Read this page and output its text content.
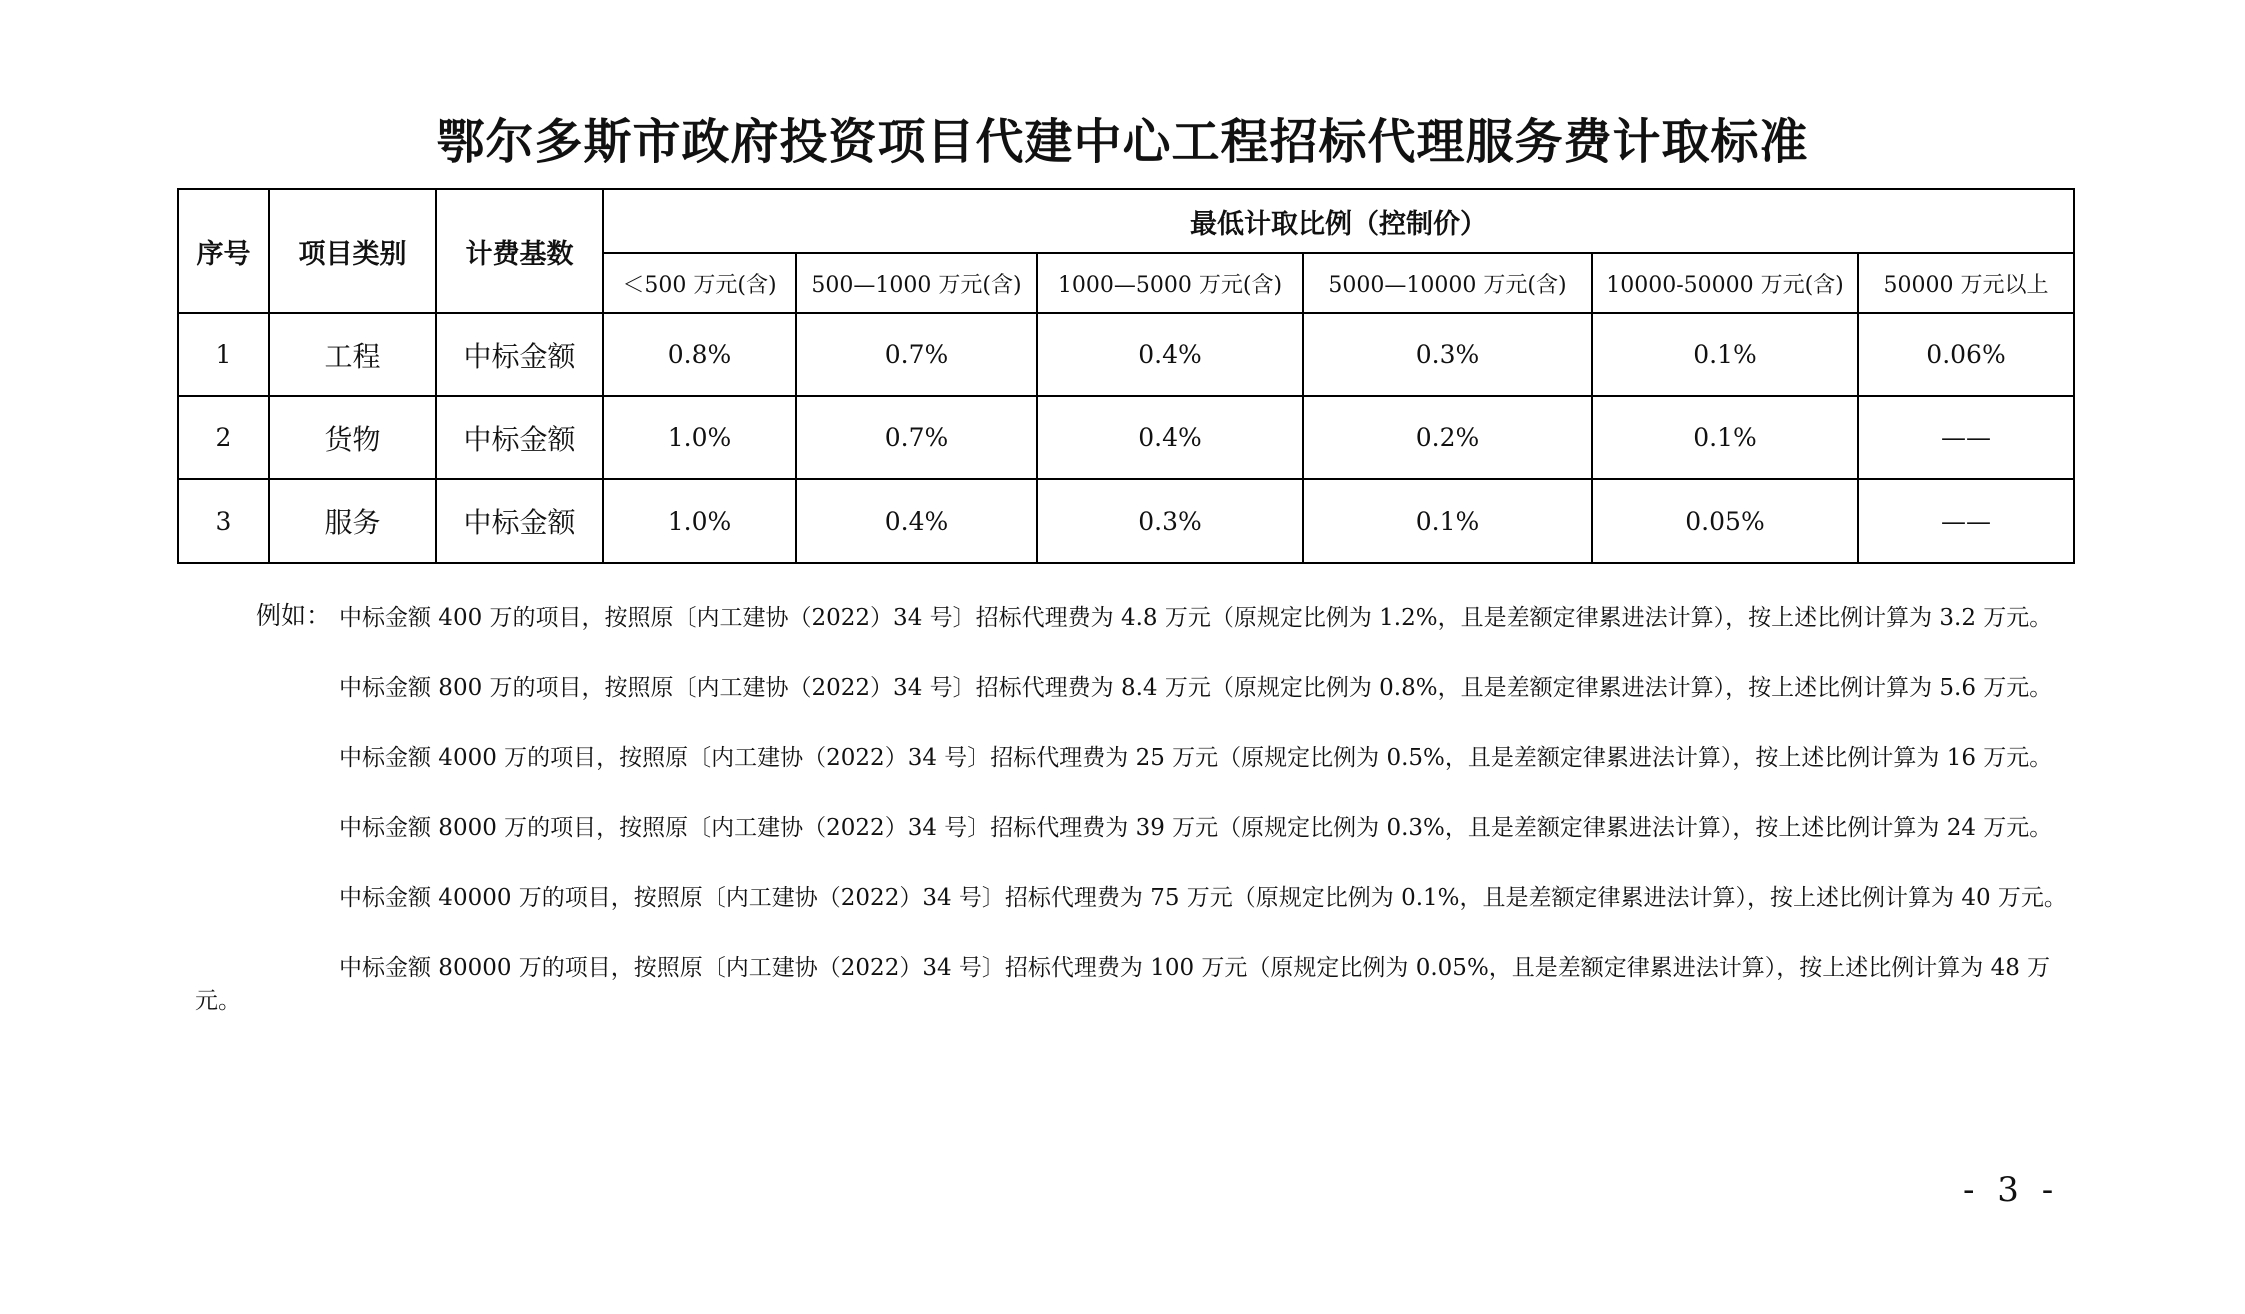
鄂尔多斯市政府投资项目代建中心工程招标代理服务费计取标准
序号	项目类别	计费基数	最低计取比例（控制价）					
			＜500 万元(含)	500—1000 万元(含)	1000—5000 万元(含)	5000—10000 万元(含)	10000-50000 万元(含)	50000 万元以上
1	工程	中标金额	0.8%	0.7%	0.4%	0.3%	0.1%	0.06%
2	货物	中标金额	1.0%	0.7%	0.4%	0.2%	0.1%	——
3	服务	中标金额	1.0%	0.4%	0.3%	0.1%	0.05%	——
例如： 中标金额 400 万的项目，按照原〔内工建协（2022）34 号〕招标代理费为 4.8 万元（原规定比例为 1.2%，且是差额定律累进法计算），按上述比例计算为 3.2 万元。
中标金额 800 万的项目，按照原〔内工建协（2022）34 号〕招标代理费为 8.4 万元（原规定比例为 0.8%，且是差额定律累进法计算），按上述比例计算为 5.6 万元。
中标金额 4000 万的项目，按照原〔内工建协（2022）34 号〕招标代理费为 25 万元（原规定比例为 0.5%，且是差额定律累进法计算），按上述比例计算为 16 万元。
中标金额 8000 万的项目，按照原〔内工建协（2022）34 号〕招标代理费为 39 万元（原规定比例为 0.3%，且是差额定律累进法计算），按上述比例计算为 24 万元。
中标金额 40000 万的项目，按照原〔内工建协（2022）34 号〕招标代理费为 75 万元（原规定比例为 0.1%，且是差额定律累进法计算），按上述比例计算为 40 万元。
中标金额 80000 万的项目，按照原〔内工建协（2022）34 号〕招标代理费为 100 万元（原规定比例为 0.05%，且是差额定律累进法计算），按上述比例计算为 48 万
元。
- 3 -
